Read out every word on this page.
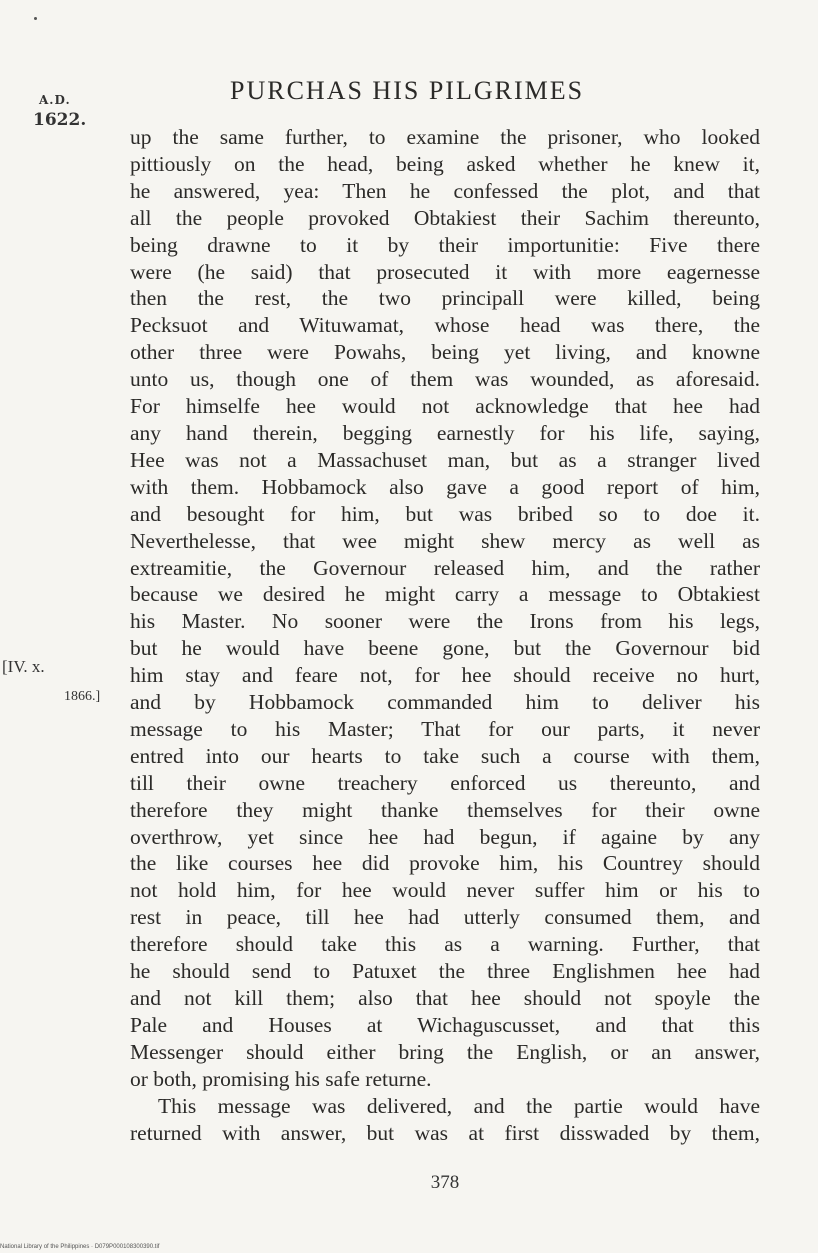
A.D.
1622.
PURCHAS HIS PILGRIMES
[IV. x.
1866.]
up the same further, to examine the prisoner, who looked
pittiously on the head, being asked whether he knew it,
he answered, yea: Then he confessed the plot, and that
all the people provoked Obtakiest their Sachim thereunto,
being drawne to it by their importunitie: Five there
were (he said) that prosecuted it with more eagernesse
then the rest, the two principall were killed, being
Pecksuot and Wituwamat, whose head was there, the
other three were Powahs, being yet living, and knowne
unto us, though one of them was wounded, as aforesaid.
For himselfe hee would not acknowledge that hee had
any hand therein, begging earnestly for his life, saying,
Hee was not a Massachuset man, but as a stranger lived
with them. Hobbamock also gave a good report of him,
and besought for him, but was bribed so to doe it.
Neverthelesse, that wee might shew mercy as well as
extreamitie, the Governour released him, and the rather
because we desired he might carry a message to Obtakiest
his Master. No sooner were the Irons from his legs,
but he would have beene gone, but the Governour bid
him stay and feare not, for hee should receive no hurt,
and by Hobbamock commanded him to deliver his
message to his Master; That for our parts, it never
entred into our hearts to take such a course with them,
till their owne treachery enforced us thereunto, and
therefore they might thanke themselves for their owne
overthrow, yet since hee had begun, if againe by any
the like courses hee did provoke him, his Countrey should
not hold him, for hee would never suffer him or his to
rest in peace, till hee had utterly consumed them, and
therefore should take this as a warning. Further, that
he should send to Patuxet the three Englishmen hee had
and not kill them; also that hee should not spoyle the
Pale and Houses at Wichaguscusset, and that this
Messenger should either bring the English, or an answer,
or both, promising his safe returne.
This message was delivered, and the partie would have
returned with answer, but was at first disswaded by them,
378
National Library of the Philippines · D079P000108300390.tif
